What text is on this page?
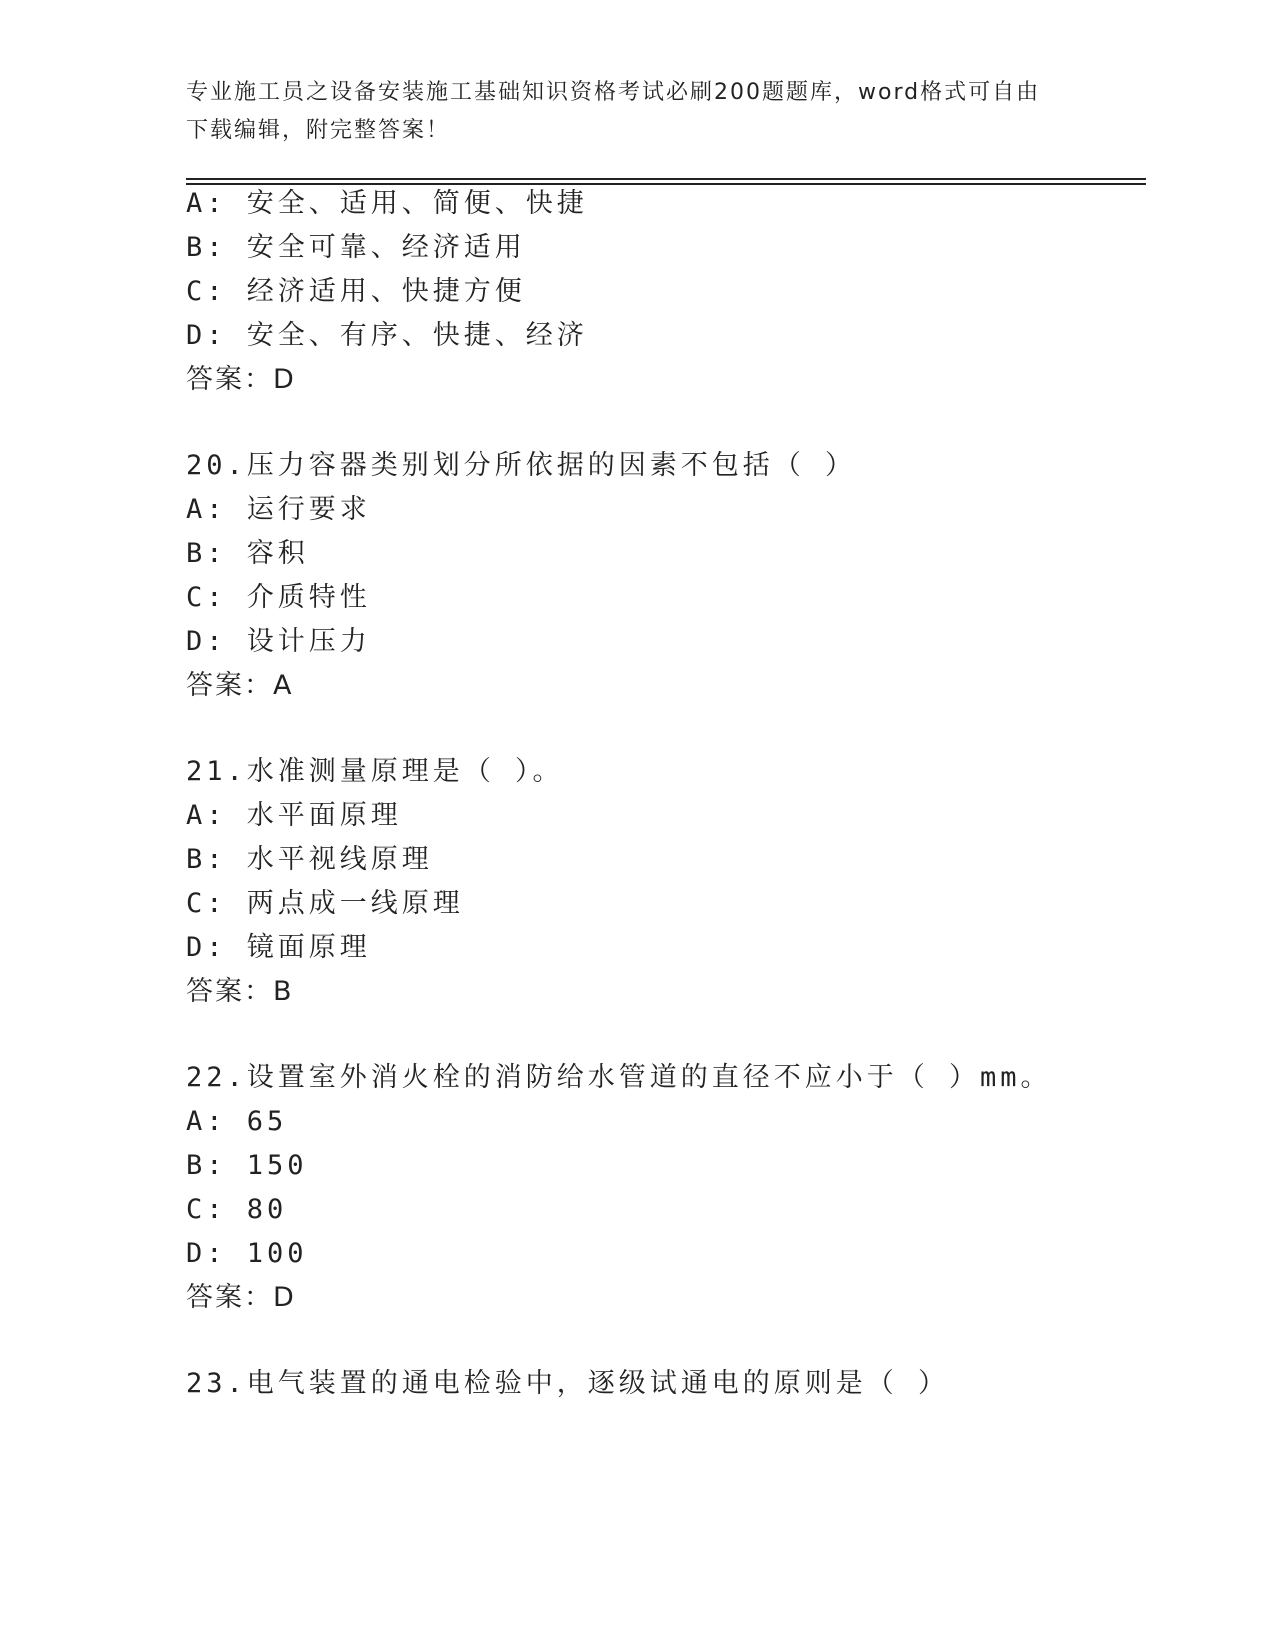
专业施工员之设备安装施工基础知识资格考试必刷200题题库，word格式可自由
下载编辑，附完整答案！
A: 安全、适用、简便、快捷
B: 安全可靠、经济适用
C: 经济适用、快捷方便
D: 安全、有序、快捷、经济
答案：D
20.压力容器类别划分所依据的因素不包括（ ）
A: 运行要求
B: 容积
C: 介质特性
D: 设计压力
答案：A
21.水准测量原理是（ ）。
A: 水平面原理
B: 水平视线原理
C: 两点成一线原理
D: 镜面原理
答案：B
22.设置室外消火栓的消防给水管道的直径不应小于（ ）mm。
A: 65
B: 150
C: 80
D: 100
答案：D
23.电气装置的通电检验中，逐级试通电的原则是（ ）
